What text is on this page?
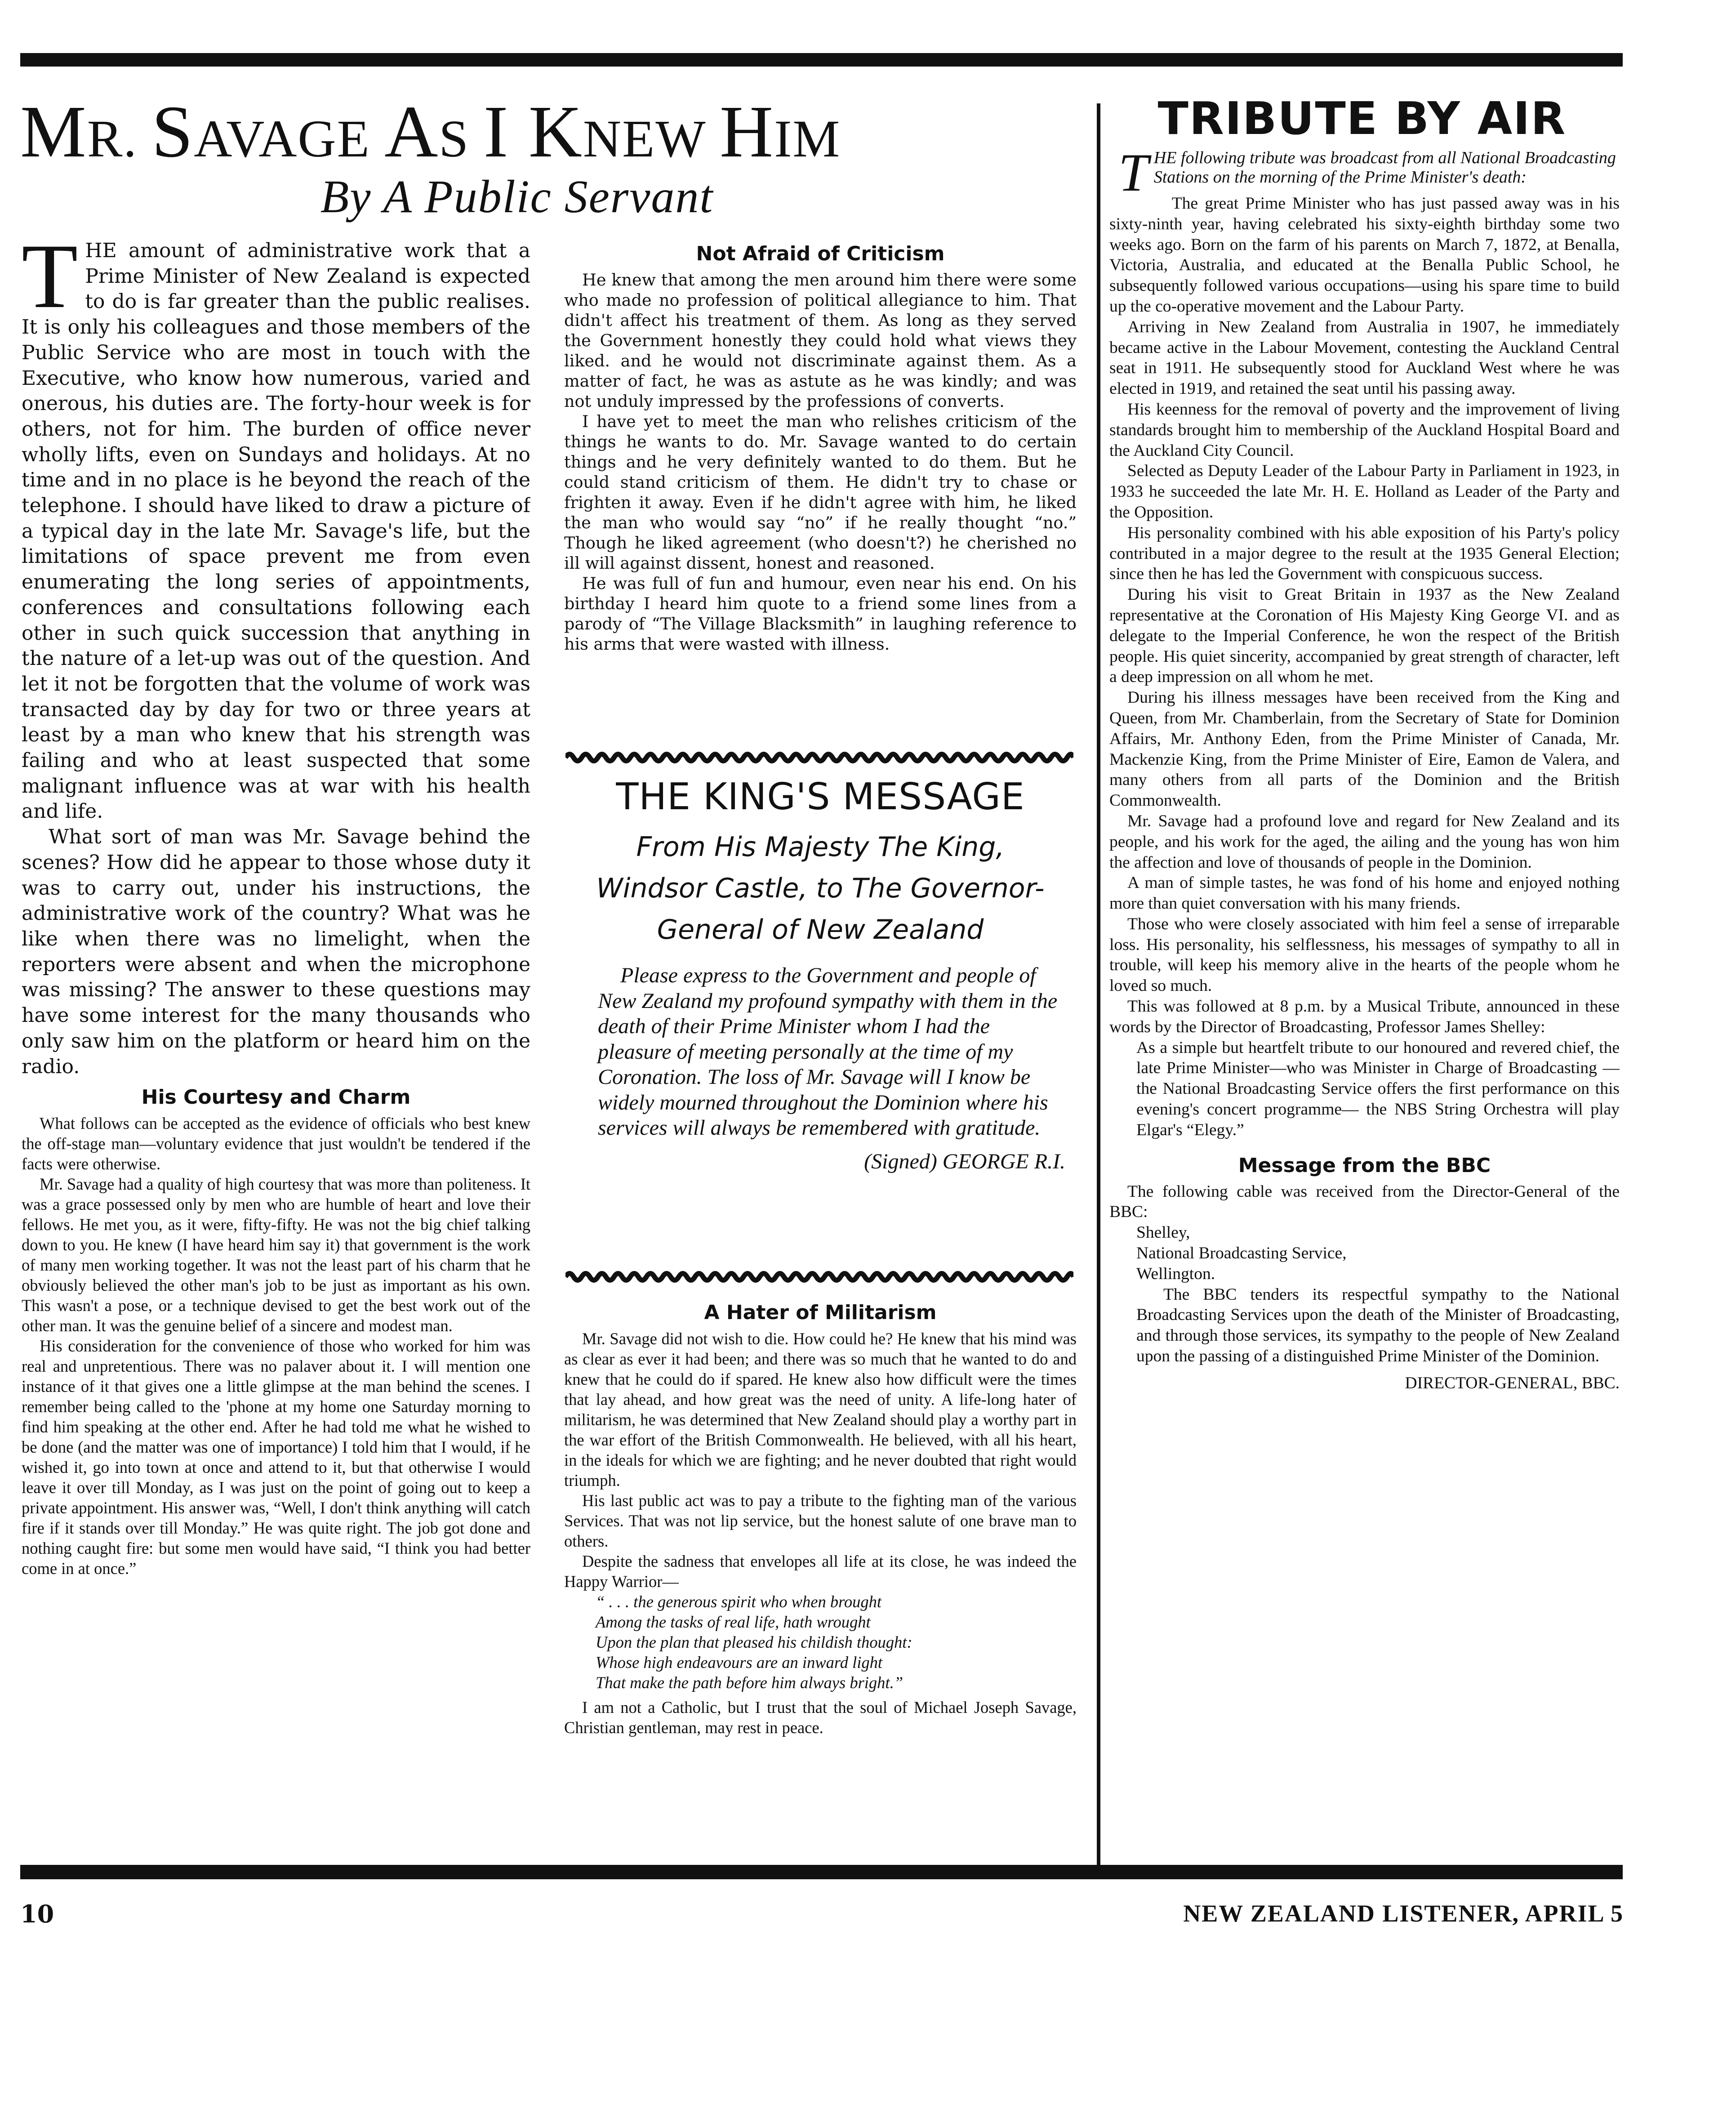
MR. SAVAGE AS I KNEW HIM
By A Public Servant
T HE amount of administrative work that a Prime Minister of New Zealand is expected to do is far greater than the public realises. It is only his colleagues and those members of the Public Service who are most in touch with the Executive, who know how numerous, varied and onerous, his duties are. The forty-hour week is for others, not for him. The burden of office never wholly lifts, even on Sundays and holidays. At no time and in no place is he beyond the reach of the telephone. I should have liked to draw a picture of a typical day in the late Mr. Savage's life, but the limitations of space prevent me from even enumerating the long series of appointments, conferences and consultations following each other in such quick succession that anything in the nature of a let-up was out of the question. And let it not be forgotten that the volume of work was transacted day by day for two or three years at least by a man who knew that his strength was failing and who at least suspected that some malignant influence was at war with his health and life.
What sort of man was Mr. Savage behind the scenes? How did he appear to those whose duty it was to carry out, under his instructions, the administrative work of the country? What was he like when there was no limelight, when the reporters were absent and when the microphone was missing? The answer to these questions may have some interest for the many thousands who only saw him on the platform or heard him on the radio.
His Courtesy and Charm

What follows can be accepted as the evidence of officials who best knew the off-stage man—voluntary evidence that just wouldn't be tendered if the facts were otherwise.

Mr. Savage had a quality of high courtesy that was more than politeness. It was a grace possessed only by men who are humble of heart and love their fellows. He met you, as it were, fifty-fifty. He was not the big chief talking down to you. He knew (I have heard him say it) that government is the work of many men working together. It was not the least part of his charm that he obviously believed the other man's job to be just as important as his own. This wasn't a pose, or a technique devised to get the best work out of the other man. It was the genuine belief of a sincere and modest man.

His consideration for the convenience of those who worked for him was real and unpretentious. There was no palaver about it. I will mention one instance of it that gives one a little glimpse at the man behind the scenes. I remember being called to the 'phone at my home one Saturday morning to find him speaking at the other end. After he had told me what he wished to be done (and the matter was one of importance) I told him that I would, if he wished it, go into town at once and attend to it, but that otherwise I would leave it over till Monday, as I was just on the point of going out to keep a private appointment. His answer was, “Well, I don't think anything will catch fire if it stands over till Monday.” He was quite right. The job got done and nothing caught fire: but some men would have said, “I think you had better come in at once.”

Not Afraid of Criticism

He knew that among the men around him there were some who made no profession of political allegiance to him. That didn't affect his treatment of them. As long as they served the Government honestly they could hold what views they liked. and he would not discriminate against them. As a matter of fact, he was as astute as he was kindly; and was not unduly impressed by the professions of converts.

I have yet to meet the man who relishes criticism of the things he wants to do. Mr. Savage wanted to do certain things and he very definitely wanted to do them. But he could stand criticism of them. He didn't try to chase or frighten it away. Even if he didn't agree with him, he liked the man who would say “no” if he really thought “no.” Though he liked agreement (who doesn't?) he cherished no ill will against dissent, honest and reasoned.

He was full of fun and humour, even near his end. On his birthday I heard him quote to a friend some lines from a parody of “The Village Blacksmith” in laughing reference to his arms that were wasted with illness.

THE KING'S MESSAGE
From His Majesty The King, Windsor Castle, to The Governor-General of New Zealand
Please express to the Government and people of New Zealand my profound sympathy with them in the death of their Prime Minister whom I had the pleasure of meeting personally at the time of my Coronation. The loss of Mr. Savage will I know be widely mourned throughout the Dominion where his services will always be remembered with gratitude.
(Signed) GEORGE R.I.
A Hater of Militarism

Mr. Savage did not wish to die. How could he? He knew that his mind was as clear as ever it had been; and there was so much that he wanted to do and knew that he could do if spared. He knew also how difficult were the times that lay ahead, and how great was the need of unity. A life-long hater of militarism, he was determined that New Zealand should play a worthy part in the war effort of the British Commonwealth. He believed, with all his heart, in the ideals for which we are fighting; and he never doubted that right would triumph.

His last public act was to pay a tribute to the fighting man of the various Services. That was not lip service, but the honest salute of one brave man to others.

Despite the sadness that envelopes all life at its close, he was indeed the Happy Warrior—

“ . . . the generous spirit who when brought
Among the tasks of real life, hath wrought
Upon the plan that pleased his childish thought:
Whose high endeavours are an inward light
That make the path before him always bright.”

I am not a Catholic, but I trust that the soul of Michael Joseph Savage, Christian gentleman, may rest in peace.

TRIBUTE BY AIR
T HE following tribute was broadcast from all National Broadcasting Stations on the morning of the Prime Minister's death:

The great Prime Minister who has just passed away was in his sixty-ninth year, having celebrated his sixty-eighth birthday some two weeks ago. Born on the farm of his parents on March 7, 1872, at Benalla, Victoria, Australia, and educated at the Benalla Public School, he subsequently followed various occupations—using his spare time to build up the co-operative movement and the Labour Party.

Arriving in New Zealand from Australia in 1907, he immediately became active in the Labour Movement, contesting the Auckland Central seat in 1911. He subsequently stood for Auckland West where he was elected in 1919, and retained the seat until his passing away.

His keenness for the removal of poverty and the improvement of living standards brought him to membership of the Auckland Hospital Board and the Auckland City Council.

Selected as Deputy Leader of the Labour Party in Parliament in 1923, in 1933 he succeeded the late Mr. H. E. Holland as Leader of the Party and the Opposition.

His personality combined with his able exposition of his Party's policy contributed in a major degree to the result at the 1935 General Election; since then he has led the Government with conspicuous success.

During his visit to Great Britain in 1937 as the New Zealand representative at the Coronation of His Majesty King George VI. and as delegate to the Imperial Conference, he won the respect of the British people. His quiet sincerity, accompanied by great strength of character, left a deep impression on all whom he met.

During his illness messages have been received from the King and Queen, from Mr. Chamberlain, from the Secretary of State for Dominion Affairs, Mr. Anthony Eden, from the Prime Minister of Canada, Mr. Mackenzie King, from the Prime Minister of Eire, Eamon de Valera, and many others from all parts of the Dominion and the British Commonwealth.

Mr. Savage had a profound love and regard for New Zealand and its people, and his work for the aged, the ailing and the young has won him the affection and love of thousands of people in the Dominion.

A man of simple tastes, he was fond of his home and enjoyed nothing more than quiet conversation with his many friends.

Those who were closely associated with him feel a sense of irreparable loss. His personality, his selflessness, his messages of sympathy to all in trouble, will keep his memory alive in the hearts of the people whom he loved so much.

This was followed at 8 p.m. by a Musical Tribute, announced in these words by the Director of Broadcasting, Professor James Shelley:

As a simple but heartfelt tribute to our honoured and revered chief, the late Prime Minister—who was Minister in Charge of Broadcasting — the National Broadcasting Service offers the first performance on this evening's concert programme— the NBS String Orchestra will play Elgar's “Elegy.”

Message from the BBC

The following cable was received from the Director-General of the BBC:

Shelley,

National Broadcasting Service,

Wellington.

The BBC tenders its respectful sympathy to the National Broadcasting Services upon the death of the Minister of Broadcasting, and through those services, its sympathy to the people of New Zealand upon the passing of a distinguished Prime Minister of the Dominion.

DIRECTOR-GENERAL, BBC.

10	NEW ZEALAND LISTENER, APRIL 5
